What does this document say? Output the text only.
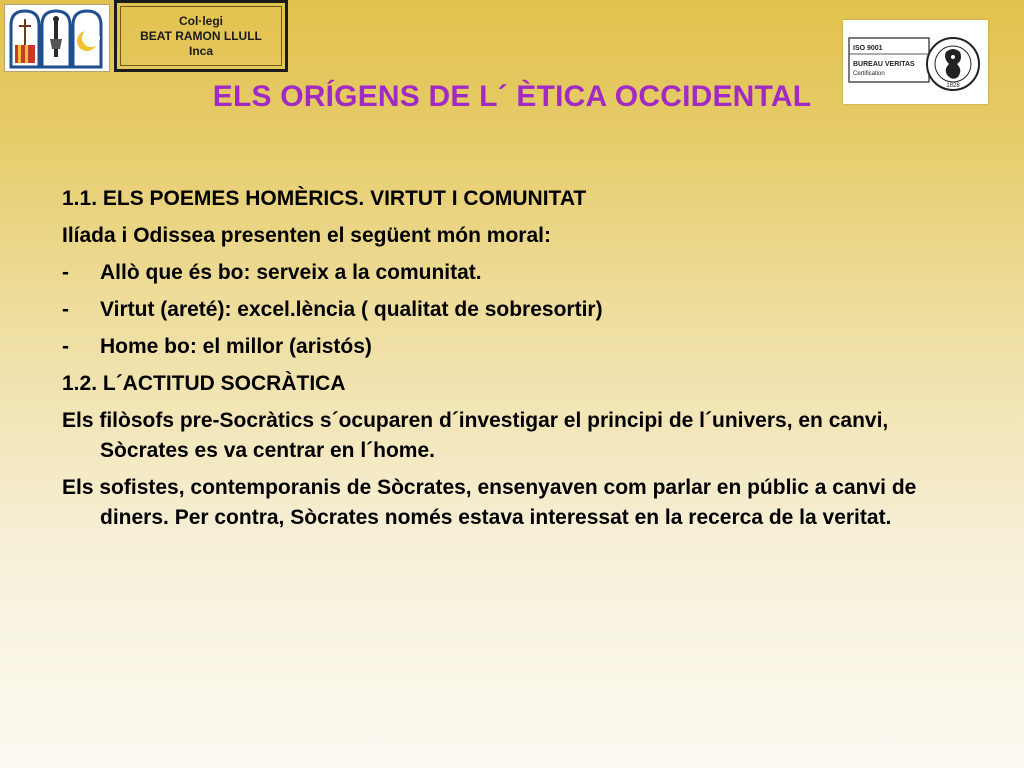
Col·legi
BEAT RAMON LLULL
Inca	ISO 9001
BUREAU VERITAS
Certification
1828
ELS ORÍGENS DE L´ ÈTICA OCCIDENTAL
1.1. ELS POEMES HOMÈRICS. VIRTUT I COMUNITAT
Ilíada i Odissea presenten el següent món moral:
-	Allò que és bo: serveix a la comunitat.
-	Virtut (areté): excel.lència ( qualitat de sobresortir)
-	Home bo: el millor (aristós)
1.2. L´ACTITUD SOCRÀTICA
Els filòsofs pre-Socràtics s´ocuparen d´investigar el principi de l´univers, en canvi, Sòcrates es va centrar en l´home.
Els sofistes, contemporanis de Sòcrates, ensenyaven com parlar en públic a canvi de diners. Per contra, Sòcrates només estava interessat en la recerca de la veritat.
